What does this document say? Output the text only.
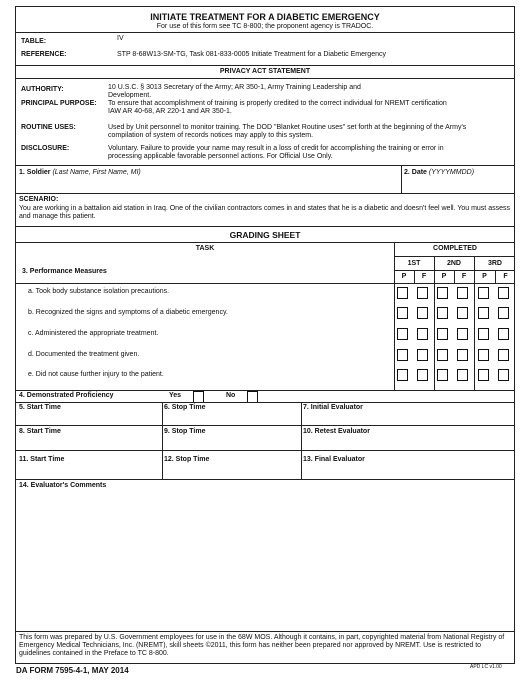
INITIATE TREATMENT FOR A DIABETIC EMERGENCY
For use of this form see TC 8-800; the proponent agency is TRADOC.
TABLE:	IV
REFERENCE:	STP 8-68W13-SM-TG, Task 081-833-0005 Initiate Treatment for a Diabetic Emergency
PRIVACY ACT STATEMENT
AUTHORITY:	10 U.S.C. § 3013 Secretary of the Army; AR 350-1, Army Training Leadership and Development.
PRINCIPAL PURPOSE: To ensure that accomplishment of training is properly credited to the correct individual for NREMT certification IAW AR 40-68, AR 220-1 and AR 350-1.
ROUTINE USES:	Used by Unit personnel to monitor training. The DOD "Blanket Routine uses" set forth at the beginning of the Army's compilation of system of records notices may apply to this system.
DISCLOSURE:	Voluntary. Failure to provide your name may result in a loss of credit for accomplishing the training or error in processing applicable favorable personnel actions. For Official Use Only.
1. Soldier (Last Name, First Name, MI)	2. Date (YYYYMMDD)
SCENARIO:
You are working in a battalion aid station in Iraq. One of the civilian contractors comes in and states that he is a diabetic and doesn't feel well. You must assess and manage this patient.
GRADING SHEET
TASK	COMPLETED
1ST	2ND	3RD
P	F	P	F	P	F
3. Performance Measures
a. Took body substance isolation precautions.
b. Recognized the signs and symptoms of a diabetic emergency.
c. Administered the appropriate treatment.
d. Documented the treatment given.
e. Did not cause further injury to the patient.
4. Demonstrated Proficiency	Yes	No
5. Start Time	6. Stop Time	7. Initial Evaluator
8. Start Time	9. Stop Time	10. Retest Evaluator
11. Start Time	12. Stop Time	13. Final Evaluator
14. Evaluator's Comments
This form was prepared by U.S. Government employees for use in the 68W MOS. Although it contains, in part, copyrighted material from National Registry of Emergency Medical Technicians, Inc. (NREMT), skill sheets ©2011, this form has neither been prepared nor approved by NREMT. Use is restricted to guidelines contained in the Preface to TC 8-800.
DA FORM 7595-4-1, MAY 2014	APD LC v1.00
